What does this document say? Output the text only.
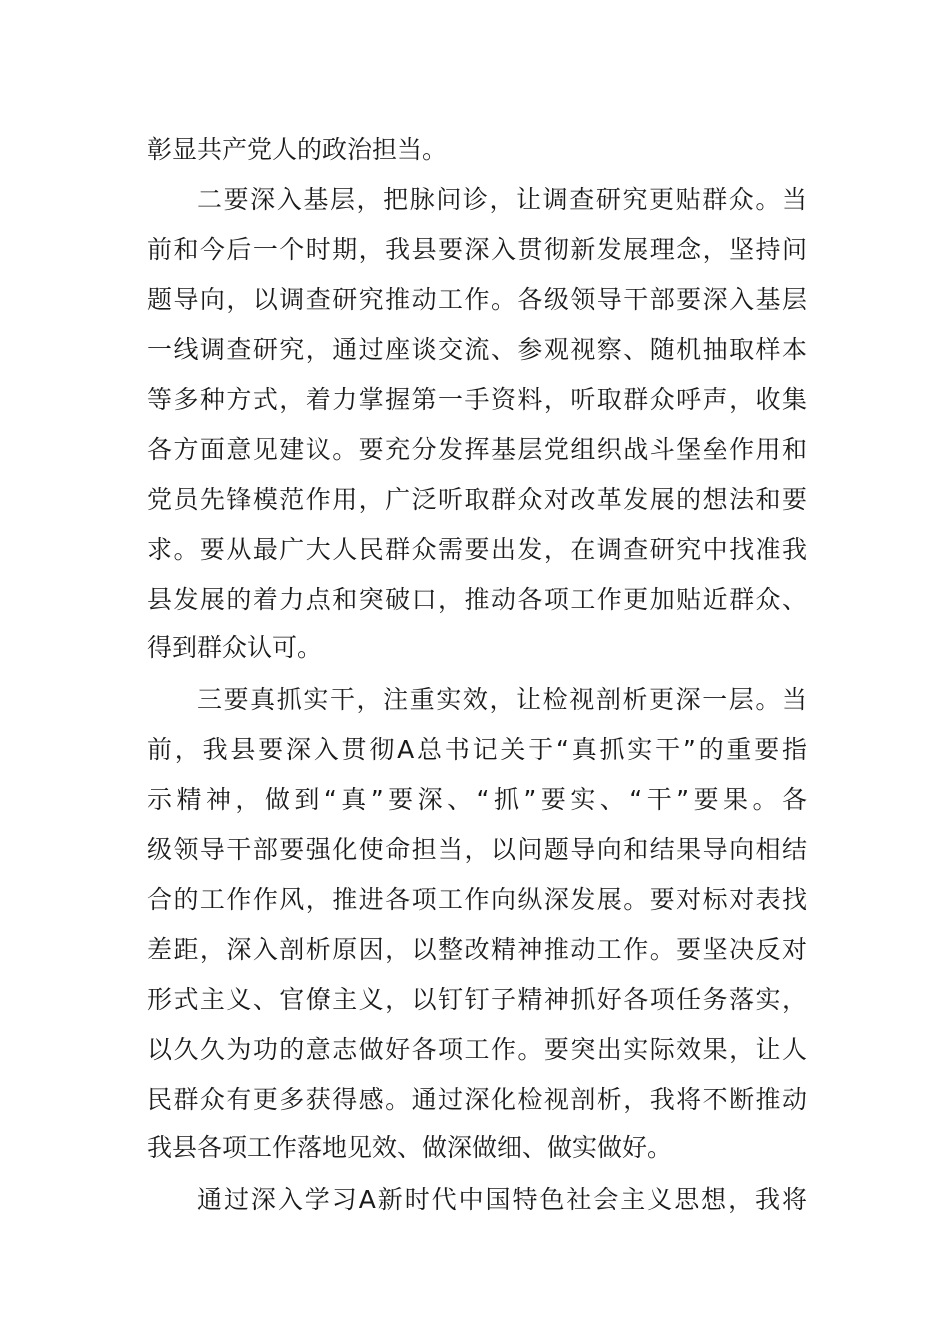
彰显共产党人的政治担当。
二要深入基层，把脉问诊，让调查研究更贴群众。当
前和今后一个时期，我县要深入贯彻新发展理念，坚持问
题导向，以调查研究推动工作。各级领导干部要深入基层
一线调查研究，通过座谈交流、参观视察、随机抽取样本
等多种方式，着力掌握第一手资料，听取群众呼声，收集
各方面意见建议。要充分发挥基层党组织战斗堡垒作用和
党员先锋模范作用，广泛听取群众对改革发展的想法和要
求。要从最广大人民群众需要出发，在调查研究中找准我
县发展的着力点和突破口，推动各项工作更加贴近群众、
得到群众认可。
三要真抓实干，注重实效，让检视剖析更深一层。当
前，我县要深入贯彻A总书记关于“真抓实干”的重要指
示精神，做到“真”要深、“抓”要实、“干”要果。各
级领导干部要强化使命担当，以问题导向和结果导向相结
合的工作作风，推进各项工作向纵深发展。要对标对表找
差距，深入剖析原因，以整改精神推动工作。要坚决反对
形式主义、官僚主义，以钉钉子精神抓好各项任务落实，
以久久为功的意志做好各项工作。要突出实际效果，让人
民群众有更多获得感。通过深化检视剖析，我将不断推动
我县各项工作落地见效、做深做细、做实做好。
通过深入学习A新时代中国特色社会主义思想，我将
